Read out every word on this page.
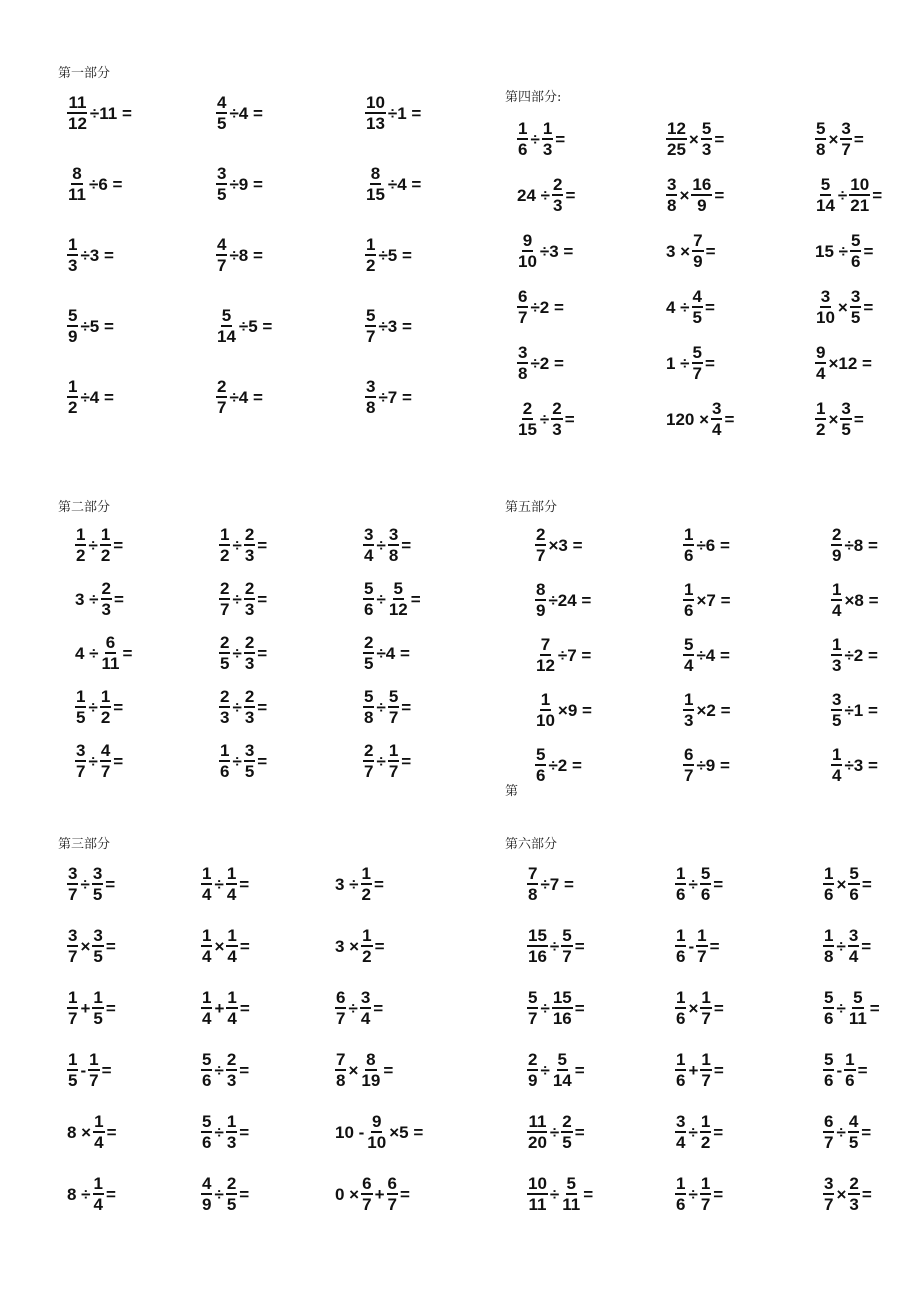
第一部分
$\frac{11}{12} \div 11$ =	$\frac{4}{5} \div 4$ =	$\frac{10}{13} \div 1$ =
$\frac{8}{11} \div 6$ =	$\frac{3}{5} \div 9$ =	$\frac{8}{15} \div 4$ =
$\frac{1}{3} \div 3$ =	$\frac{4}{7} \div 8$ =	$\frac{1}{2} \div 5$ =
$\frac{5}{9} \div 5$ =	$\frac{5}{14} \div 5$ =	$\frac{5}{7} \div 3$ =
$\frac{1}{2} \div 4$ =	$\frac{2}{7} \div 4$ =	$\frac{3}{8} \div 7$ =
第四部分:
$\frac{1}{6} \div \frac{1}{3}$ =	$\frac{12}{25} \times \frac{5}{3}$ =	$\frac{5}{8} \times \frac{3}{7}$ =
$24 \div \frac{2}{3}$ =	$\frac{3}{8} \times \frac{16}{9}$ =	$\frac{5}{14} \div \frac{10}{21}$ =
$\frac{9}{10} \div 3$ =	$3 \times \frac{7}{9}$ =	$15 \div \frac{5}{6}$ =
$\frac{6}{7} \div 2$ =	$4 \div \frac{4}{5}$ =	$\frac{3}{10} \times \frac{3}{5}$ =
$\frac{3}{8} \div 2$ =	$1 \div \frac{5}{7}$ =	$\frac{9}{4} \times 12$ =
$\frac{2}{15} \div \frac{2}{3}$ =	$120 \times \frac{3}{4}$ =	$\frac{1}{2} \times \frac{3}{5}$ =
第二部分
$\frac{1}{2} \div \frac{1}{2}$ =	$\frac{1}{2} \div \frac{2}{3}$ =	$\frac{3}{4} \div \frac{3}{8}$ =
$3 \div \frac{2}{3}$ =	$\frac{2}{7} \div \frac{2}{3}$ =	$\frac{5}{6} \div \frac{5}{12}$ =
$4 \div \frac{6}{11}$ =	$\frac{2}{5} \div \frac{2}{3}$ =	$\frac{2}{5} \div 4$ =
$\frac{1}{5} \div \frac{1}{2}$ =	$\frac{2}{3} \div \frac{2}{3}$ =	$\frac{5}{8} \div \frac{5}{7}$ =
$\frac{3}{7} \div \frac{4}{7}$ =	$\frac{1}{6} \div \frac{3}{5}$ =	$\frac{2}{7} \div \frac{1}{7}$ =
第五部分
$\frac{2}{7} \times 3$ =	$\frac{1}{6} \div 6$ =	$\frac{2}{9} \div 8$ =
$\frac{8}{9} \div 24$ =	$\frac{1}{6} \times 7$ =	$\frac{1}{4} \times 8$ =
$\frac{7}{12} \div 7$ =	$\frac{5}{4} \div 4$ =	$\frac{1}{3} \div 2$ =
$\frac{1}{10} \times 9$ =	$\frac{1}{3} \times 2$ =	$\frac{3}{5} \div 1$ =
$\frac{5}{6} \div 2$ =	$\frac{6}{7} \div 9$ =	$\frac{1}{4} \div 3$ =
第三部分
$\frac{3}{7} \div \frac{3}{5}$ =	$\frac{1}{4} \div \frac{1}{4}$ =	$3 \div \frac{1}{2}$ =
$\frac{3}{7} \times \frac{3}{5}$ =	$\frac{1}{4} \times \frac{1}{4}$ =	$3 \times \frac{1}{2}$ =
$\frac{1}{7} + \frac{1}{5}$ =	$\frac{1}{4} + \frac{1}{4}$ =	$\frac{6}{7} \div \frac{3}{4}$ =
$\frac{1}{5} - \frac{1}{7}$ =	$\frac{5}{6} \div \frac{2}{3}$ =	$\frac{7}{8} \times \frac{8}{19}$ =
$8 \times \frac{1}{4}$ =	$\frac{5}{6} \div \frac{1}{3}$ =	$10 - \frac{9}{10} \times 5$ =
$8 \div \frac{1}{4}$ =	$\frac{4}{9} \div \frac{2}{5}$ =	$0 \times \frac{6}{7} + \frac{6}{7}$ =
第六部分
$\frac{7}{8} \div 7$ =	$\frac{1}{6} \div \frac{5}{6}$ =	$\frac{1}{6} \times \frac{5}{6}$ =
$\frac{15}{16} \div \frac{5}{7}$ =	$\frac{1}{6} - \frac{1}{7}$ =	$\frac{1}{8} \div \frac{3}{4}$ =
$\frac{5}{7} \div \frac{15}{16}$ =	$\frac{1}{6} \times \frac{1}{7}$ =	$\frac{5}{6} \div \frac{5}{11}$ =
$\frac{2}{9} \div \frac{5}{14}$ =	$\frac{1}{6} + \frac{1}{7}$ =	$\frac{5}{6} - \frac{1}{6}$ =
$\frac{11}{20} \div \frac{2}{5}$ =	$\frac{3}{4} \div \frac{1}{2}$ =	$\frac{6}{7} \div \frac{4}{5}$ =
$\frac{10}{11} \div \frac{5}{11}$ =	$\frac{1}{6} \div \frac{1}{7}$ =	$\frac{3}{7} \times \frac{2}{3}$ =
第
